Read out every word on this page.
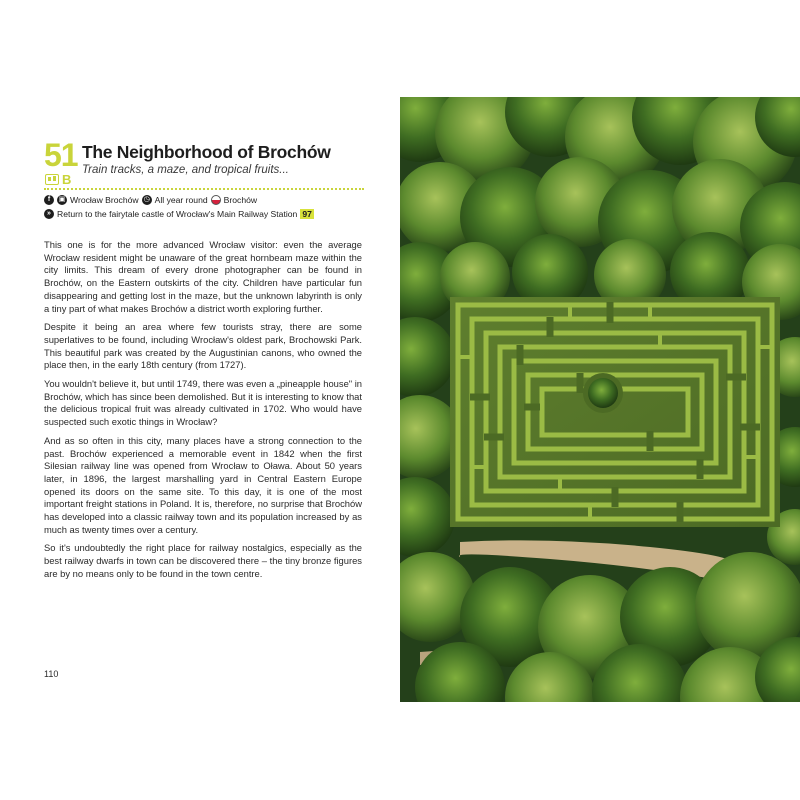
51
B
The Neighborhood of Brochów

Train tracks, a maze, and tropical fruits...

f	▣ Wrocław Brochów ◷ All year round Brochów
» Return to the fairytale castle of Wrocław's Main Railway Station 97

This one is for the more advanced Wrocław visitor: even the average Wrocław resident might be unaware of the great hornbeam maze within the city limits. This dream of every drone photographer can be found in Brochów, on the Eastern outskirts of the city. Children have particular fun disappearing and getting lost in the maze, but the unknown labyrinth is only a tiny part of what makes Brochów a district worth exploring further.

Despite it being an area where few tourists stray, there are some superlatives to be found, including Wrocław's oldest park, Brochowski Park. This beautiful park was created by the Augustinian canons, who owned the place then, in the early 18th century (from 1727).

You wouldn't believe it, but until 1749, there was even a „pineapple house" in Brochów, which has since been demolished. But it is interesting to know that the delicious tropical fruit was already cultivated in 1702. Who would have suspected such exotic things in Wrocław?

And as so often in this city, many places have a strong connection to the past. Brochów experienced a memorable event in 1842 when the first Silesian railway line was opened from Wrocław to Oława. About 50 years later, in 1896, the largest marshalling yard in Central Eastern Europe opened its doors on the same site. To this day, it is one of the most important freight stations in Poland. It is, therefore, no surprise that Brochów has developed into a classic railway town and its population increased by as much as twenty times over a century.

So it's undoubtedly the right place for railway nostalgics, especially as the best railway dwarfs in town can be discovered there – the tiny bronze figures are by no means only to be found in the town centre.

110
